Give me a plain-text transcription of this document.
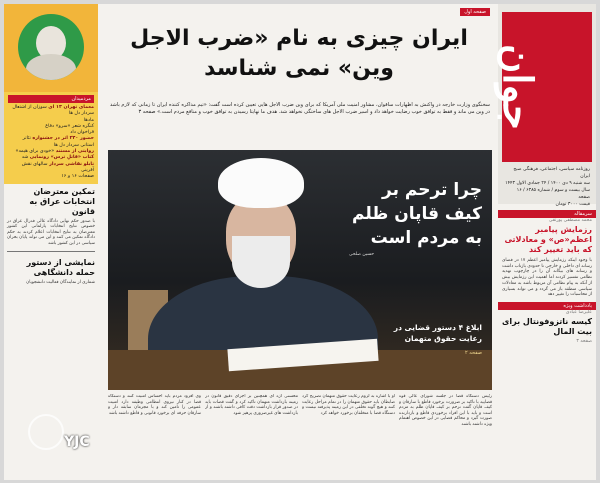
جوان
روزنامه سیاسی، اجتماعی، فرهنگی صبح ایران
سه شنبه ۹ دی ۱۴۰۰ / ۲۴ جمادی الاول ۱۴۴۳
سال بیست و سوم / شماره ۶۳۸۵ / ۱۶ صفحه
قیمت ۳۰۰۰ تومان
سرمقاله
محمد مصطفی پورتقی
رزمایش پیامبر اعظم«ص» و معادلاتی که باید تغییر کند
با وجود اینکه رزمایش پیامبر اعظم ۱۷ در فضای رسانه ای داخلی و خارجی تا حدودی بازتاب داشت و رسانه های بیگانه آن را در چارچوب تهدید نظامی تفسیر کردند اما اهمیت این رزمایش بیش از آنکه به پیام نظامی آن مربوط باشد به معادلات سیاسی منطقه باز می گردد و می تواند بسیاری از محاسبات را تغییر دهد
یادداشت ویژه
علیرضا عبادی
کیسه ناتزوفونتال برای بیت المال
صفحه ۳
مردمیدان
معمای تهران ۱۳ ای سوزان از اشتعال سردار دل ها
مادها
کنگره شعر «سرو» دفاع
فراخوان داد
حضور ۲۴۰ اثر در جشنواره تئاتر استانی سردار دل ها
روایتی از مستند «خودی برای هیمه»
کتاب «قاتلِ ترس» رونمایی شد
تابلو نقاشی سردار سالهای نقش آفرینی
صفحات ۱۶ و ۱۶
تمکین معترضان انتخابات عراق به قانون
با صدور حکم نهایی دادگاه عالی فدرال عراق در خصوص نتایج انتخابات پارلمانی این کشور معترضان به نتایج انتخابات اعلام کردند به حکم دادگاه تمکین می کنند و این می تواند پایان بحران سیاسی در این کشور باشد
نمایشی از دستور حمله دانشگاهی
شماری از نمایندگان فعالیت دانشجویان
YJC
صفحه اول
ایران چیزی به نام «ضرب الاجل وین» نمی شناسد
سخنگوی وزارت خارجه در واکنش به اظهارات ساقوان، مشاور امنیت ملی آمریکا که برای وین ضرب الاجل هایی تعیین کرده است گفت: «تیم مذاکره کننده ایران تا زمانی که لازم باشد در وین می ماند و فقط به توافق خوب رضایت خواهد داد و اسیر ضرب الاجل های ساختگی نخواهد شد. هدف ما نهایتا رسیدن به توافق خوب و منافع مردم است.» صفحه ۳
چرا ترحم بر کیف قاپان ظلم به مردم است
حسین صلحی
ابلاغ ۴ دستور قضایی در رعایت حقوق متهمان
صفحه ۲
رئیس دستگاه قضا در جلسه شورای عالی قوه قضاییه با تاکید بر ضرورت برخورد قاطع با سارقان و کیف قاپان گفت ترحم بر کیف قاپان ظلم به مردم است و باید با این افراد برخوردی قاطع و بازدارنده صورت گیرد و محاکم قضایی در این خصوص اهتمام ویژه داشته باشند
او با اشاره به لزوم رعایت حقوق متهمان تصریح کرد ضابطان باید حقوق متهمان را در تمام مراحل رعایت کنند و هیچ گونه تخلفی در این زمینه پذیرفته نیست و دستگاه قضا با متخلفان برخورد خواهد کرد
محسنی اژه ای همچنین بر اجرای دقیق قانون در زمینه بازداشت متهمان تاکید کرد و گفت قضات باید در صدور قرار بازداشت دقت کافی داشته باشند و از بازداشت های غیرضروری پرهیز شود
وی افزود مردم باید احساس امنیت کنند و دستگاه قضا در کنار نیروی انتظامی وظیفه دارد امنیت عمومی را تامین کند و با مجرمان سابقه دار و سارقان حرفه ای برخورد قانونی و قاطع داشته باشد
